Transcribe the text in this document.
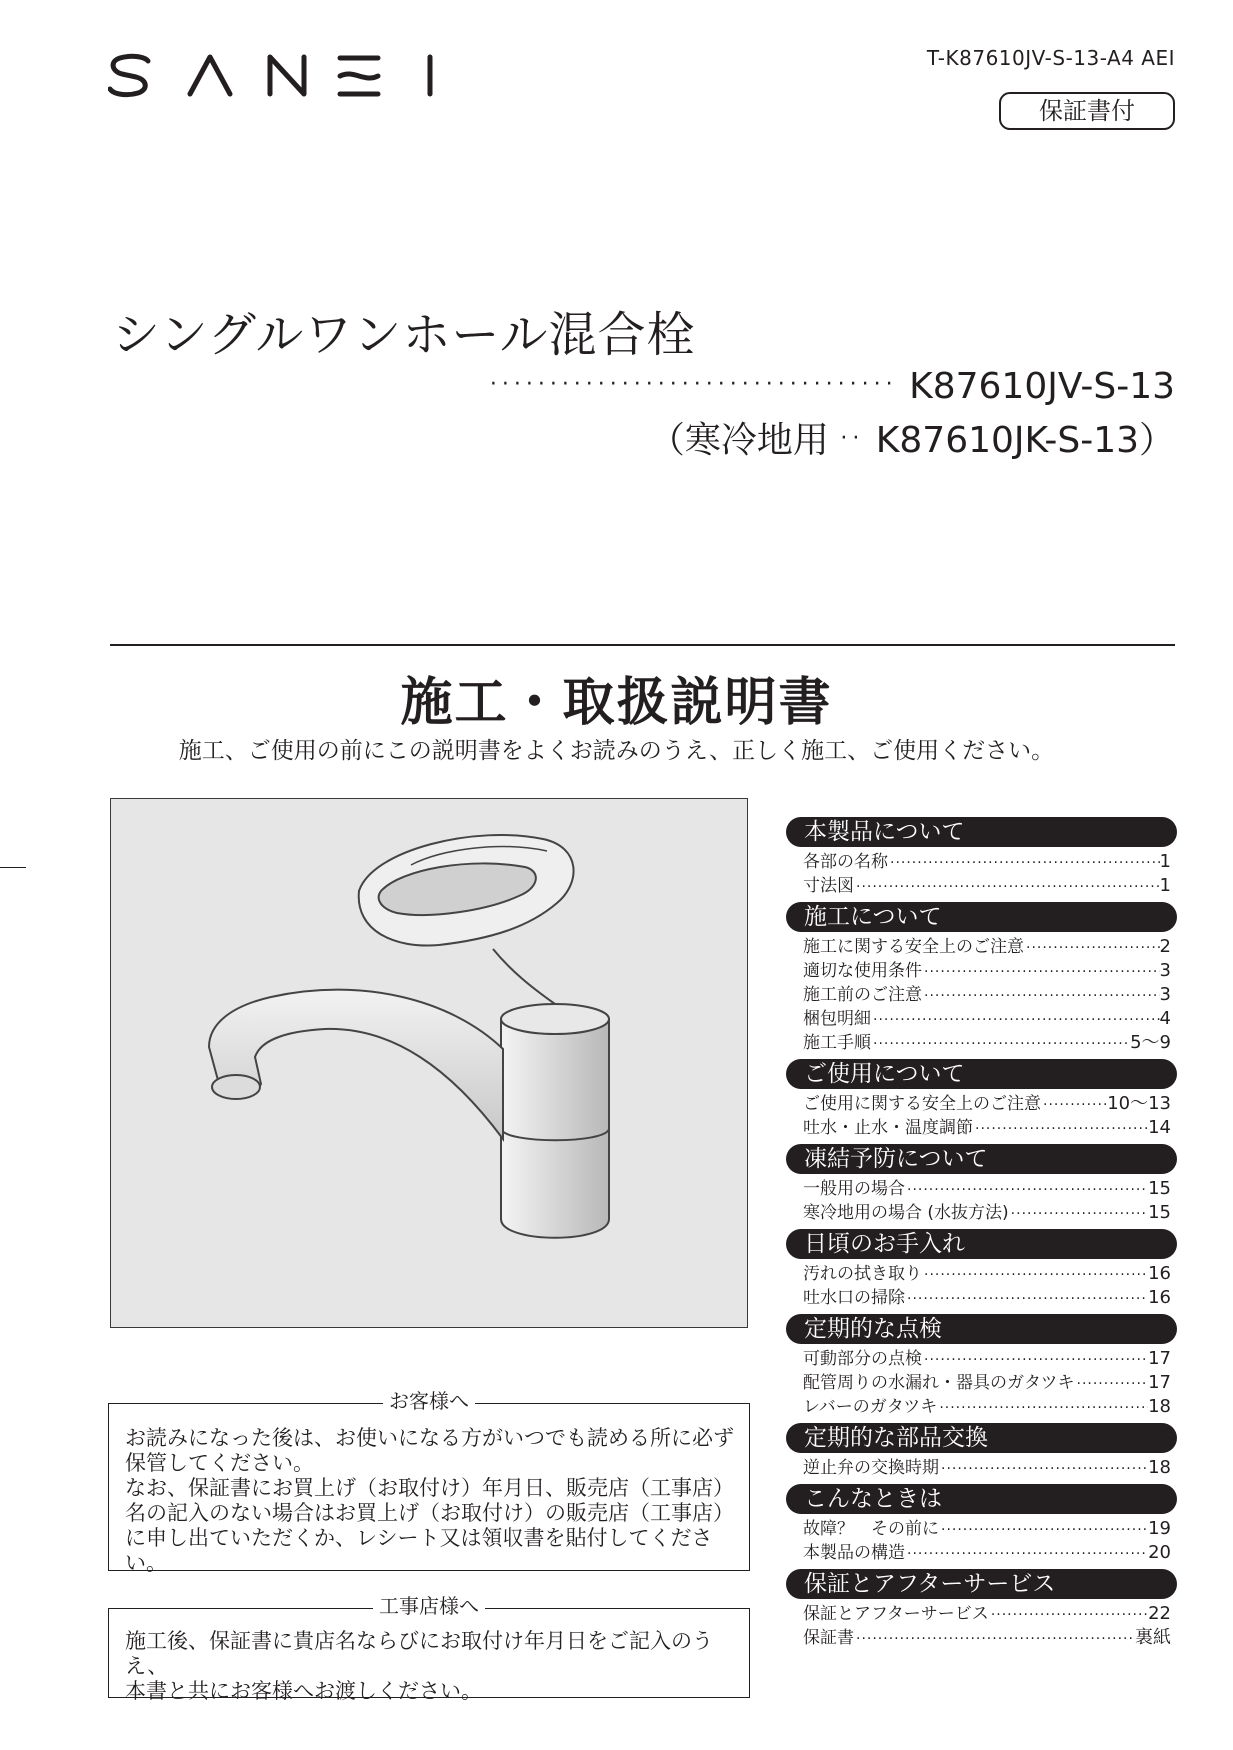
SANEI	T-K87610JV-S-13-A4 AEI
保証書付
シングルワンホール混合栓
·································· K87610JV-S-13
（寒冷地用 ·· K87610JK-S-13）
施工・取扱説明書
施工、ご使用の前にこの説明書をよくお読みのうえ、正しく施工、ご使用ください。
お客様へ

お読みになった後は、お使いになる方がいつでも読める所に必ず

保管してください。

なお、保証書にお買上げ（お取付け）年月日、販売店（工事店）

名の記入のない場合はお買上げ（お取付け）の販売店（工事店）

に申し出ていただくか、レシート又は領収書を貼付してください。

工事店様へ

施工後、保証書に貴店名ならびにお取付け年月日をご記入のうえ、

本書と共にお客様へお渡しください。

本製品について
各部の名称 ·····	1
寸法図 ·····	1
施工について
施工に関する安全上のご注意 ·····	2
適切な使用条件 ·····	3
施工前のご注意 ·····	3
梱包明細 ·····	4
施工手順 ·····	5〜9
ご使用について
ご使用に関する安全上のご注意 ·····	10〜13
吐水・止水・温度調節 ·····	14
凍結予防について
一般用の場合 ·····	15
寒冷地用の場合 (水抜方法) ·····	15
日頃のお手入れ
汚れの拭き取り ·····	16
吐水口の掃除 ·····	16
定期的な点検
可動部分の点検 ·····	17
配管周りの水漏れ・器具のガタツキ ·····	17
レバーのガタツキ ·····	18
定期的な部品交換
逆止弁の交換時期 ·····	18
こんなときは
故障？　その前に ·····	19
本製品の構造 ·····	20
保証とアフターサービス
保証とアフターサービス ·····	22
保証書 ·····	裏紙
